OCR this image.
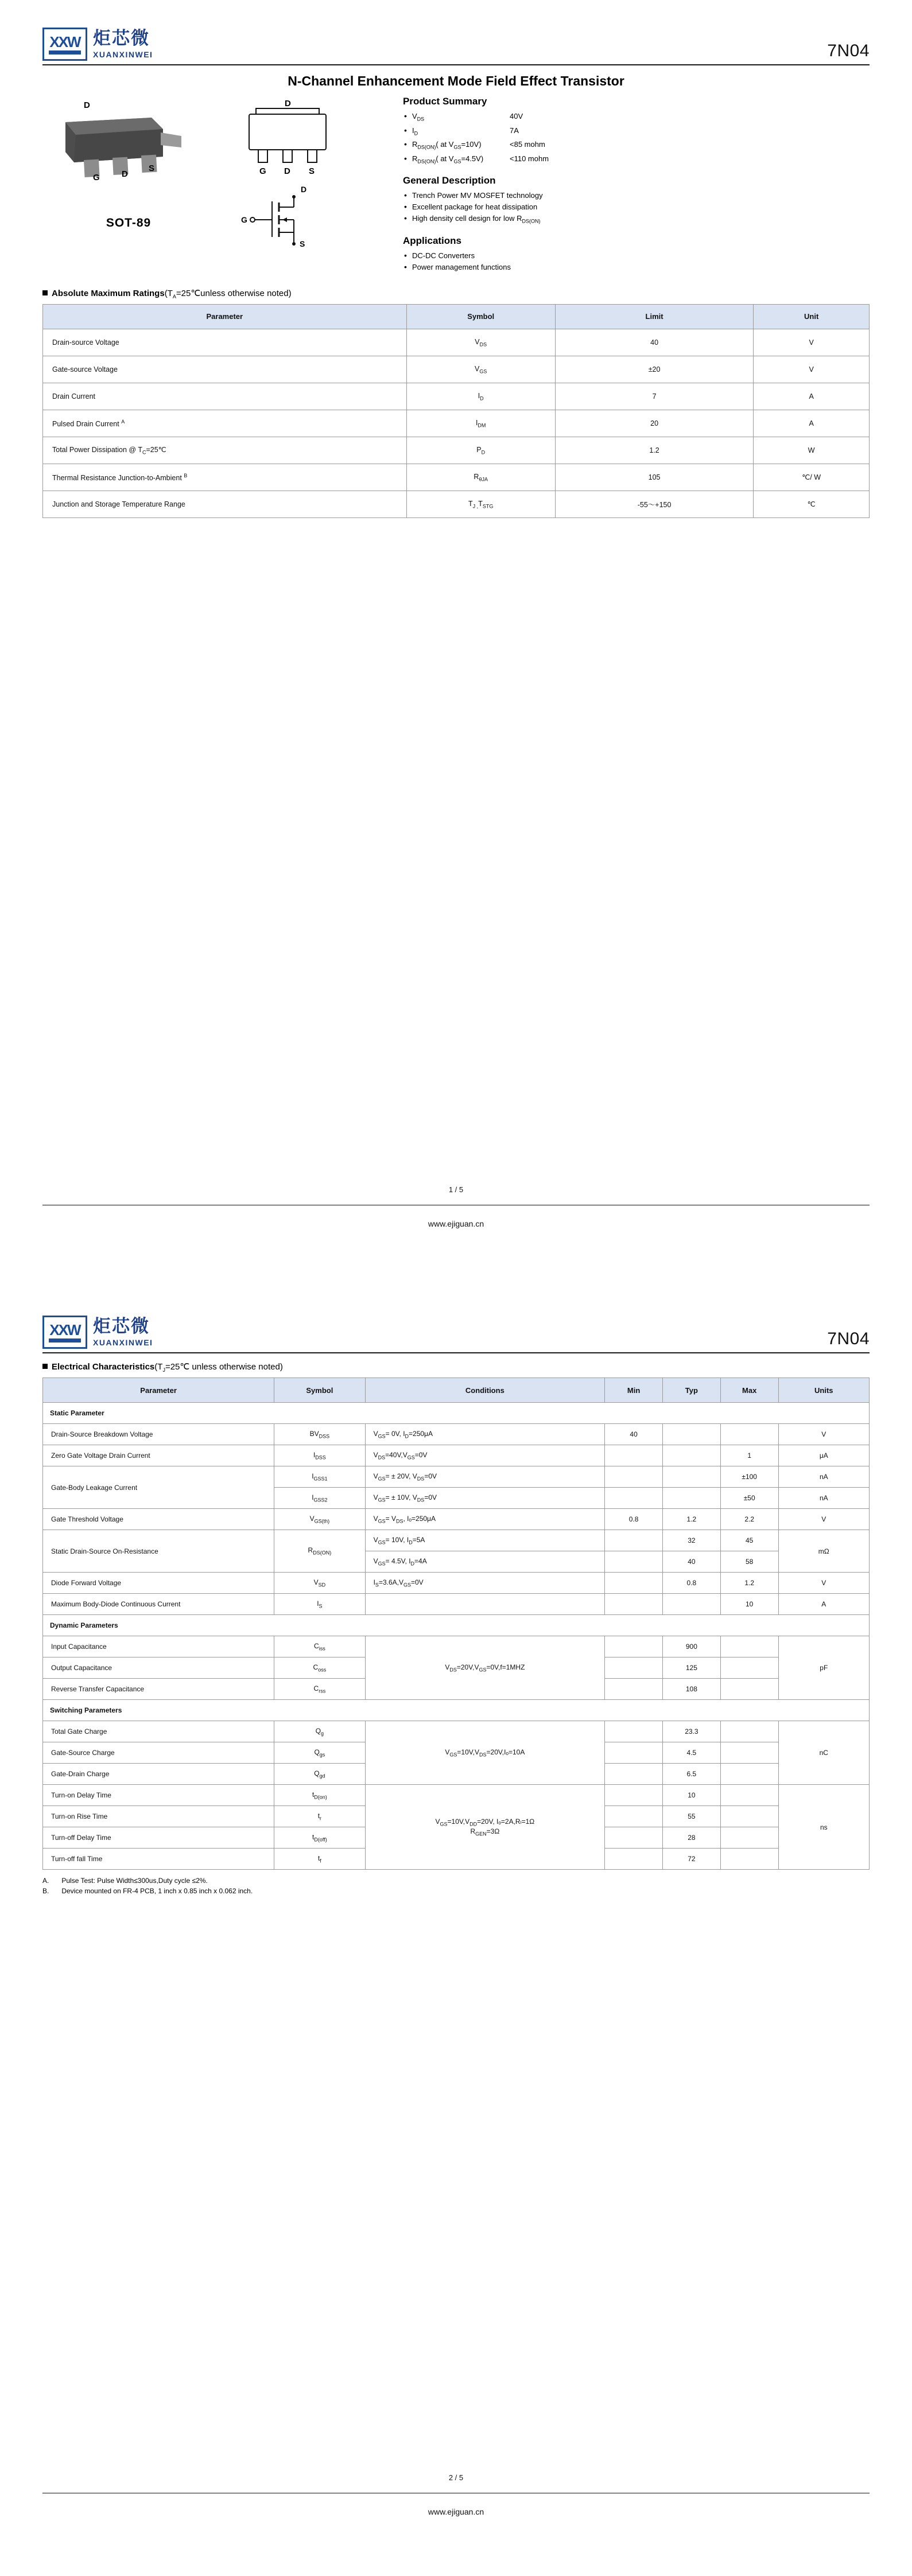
XXW 炬芯微
XUANXINWEI	7N04
N-Channel Enhancement Mode Field Effect Transistor
D
G	D
S
SOT-89
D
G D S
D
G
S
Product Summary
• $V_{DS}$	40V
• $I_D$	7A
• $R_{DS(ON)}$( at $V_{GS}=10V$)	<85 mohm
• $R_{DS(ON)}$( at $V_{GS}=4.5V$)	<110 mohm
General Description
• Trench Power MV MOSFET technology
• Excellent package for heat dissipation
• High density cell design for low $R_{DS(ON)}$
Applications
• DC-DC Converters
• Power management functions
Absolute Maximum $Ratings(T_A=25℃unless$ otherwise noted)
Parameter	Symbol	Limit	Unit
Drain-source Voltage	$V_{DS}$	40	V
Gate-source Voltage	$V_{GS}$	±20	V
Drain Current	$I_D$	7	A
Pulsed Drain Current $^A$	$I_{DM}$	20	A
Total Power Dissipation @ $T_C=25℃$	$P_D$	1.2	W
Thermal Resistance Junction-to-Ambient $^B$	$R_{\theta JA}$	105	℃/ W
Junction and Storage Temperature Range	$T_{J ,}T_{STG}$	-55～+150	℃
1 / 5
www.ejiguan.cn
XXW 炬芯微
XUANXINWEI	7N04
Electrical $Characteristics(T_J=25℃$ unless otherwise noted)
Parameter	Symbol	Conditions	Min	Typ	Max	Units
Static Parameter						
Drain-Source Breakdown Voltage	$BV_{DSS}$	$V_{GS}= 0V$, $I_D=250\mu A$	40			V
Zero Gate Voltage Drain Current	$I_{DSS}$	$V_{DS}=40V,V_{GS}=0V$			1	μA
Gate-Body Leakage Current	$I_{GSS1}$	$V_{GS}= \pm 20V$, $V_{DS}=0V$			±100	nA
	$I_{GSS2}$	$V_{GS}= \pm 10V$, $V_{DS}=0V$			±50	nA
Gate Threshold Voltage	$V_{GS(th)}$	$V_{GS}= V_{DS}$, Iₒ=250μA	0.8	1.2	2.2	V
Static Drain-Source On-Resistance	$R_{DS(ON)}$	$V_{GS}= 10V$, $I_D=5A$		32	45	mΩ
		$V_{GS}= 4.5V$, $I_D=4A$		40	58	
Diode Forward Voltage	$V_{SD}$	$I_S=3.6A,V_{GS}=0V$		0.8	1.2	V
Maximum Body-Diode Continuous Current	$I_S$				10	A
Dynamic Parameters						
Input Capacitance	$C_{iss}$	$V_{DS}=20V,V_{GS}=0V,f=1MHZ$		900		pF
Output Capacitance	$C_{oss}$			125		
Reverse Transfer Capacitance	$C_{rss}$			108		
Switching Parameters						
Total Gate Charge	$Q_g$	$V_{GS}=10V,V_{DS}=20V,I_o=10A$		23.3		nC
Gate-Source Charge	$Q_{gs}$			4.5		
Gate-Drain Charge	$Q_{gd}$			6.5		
Turn-on Delay Time	$t_{D(on)}$	$V_{GS}=10V,V_{DD}=20V$, Iₒ=2A,Rₗ=1Ω
$R_{GEN}=3\Omega$		10		ns
Turn-on Rise Time	$t_r$			55		
Turn-off Delay Time	$t_{D(off)}$			28		
Turn-off fall Time	$t_f$			72		
A. Pulse Test: Pulse Width≤300us,Duty cycle ≤2%.
B. Device mounted on FR-4 PCB, 1 inch x 0.85 inch x 0.062 inch.
2 / 5
www.ejiguan.cn
